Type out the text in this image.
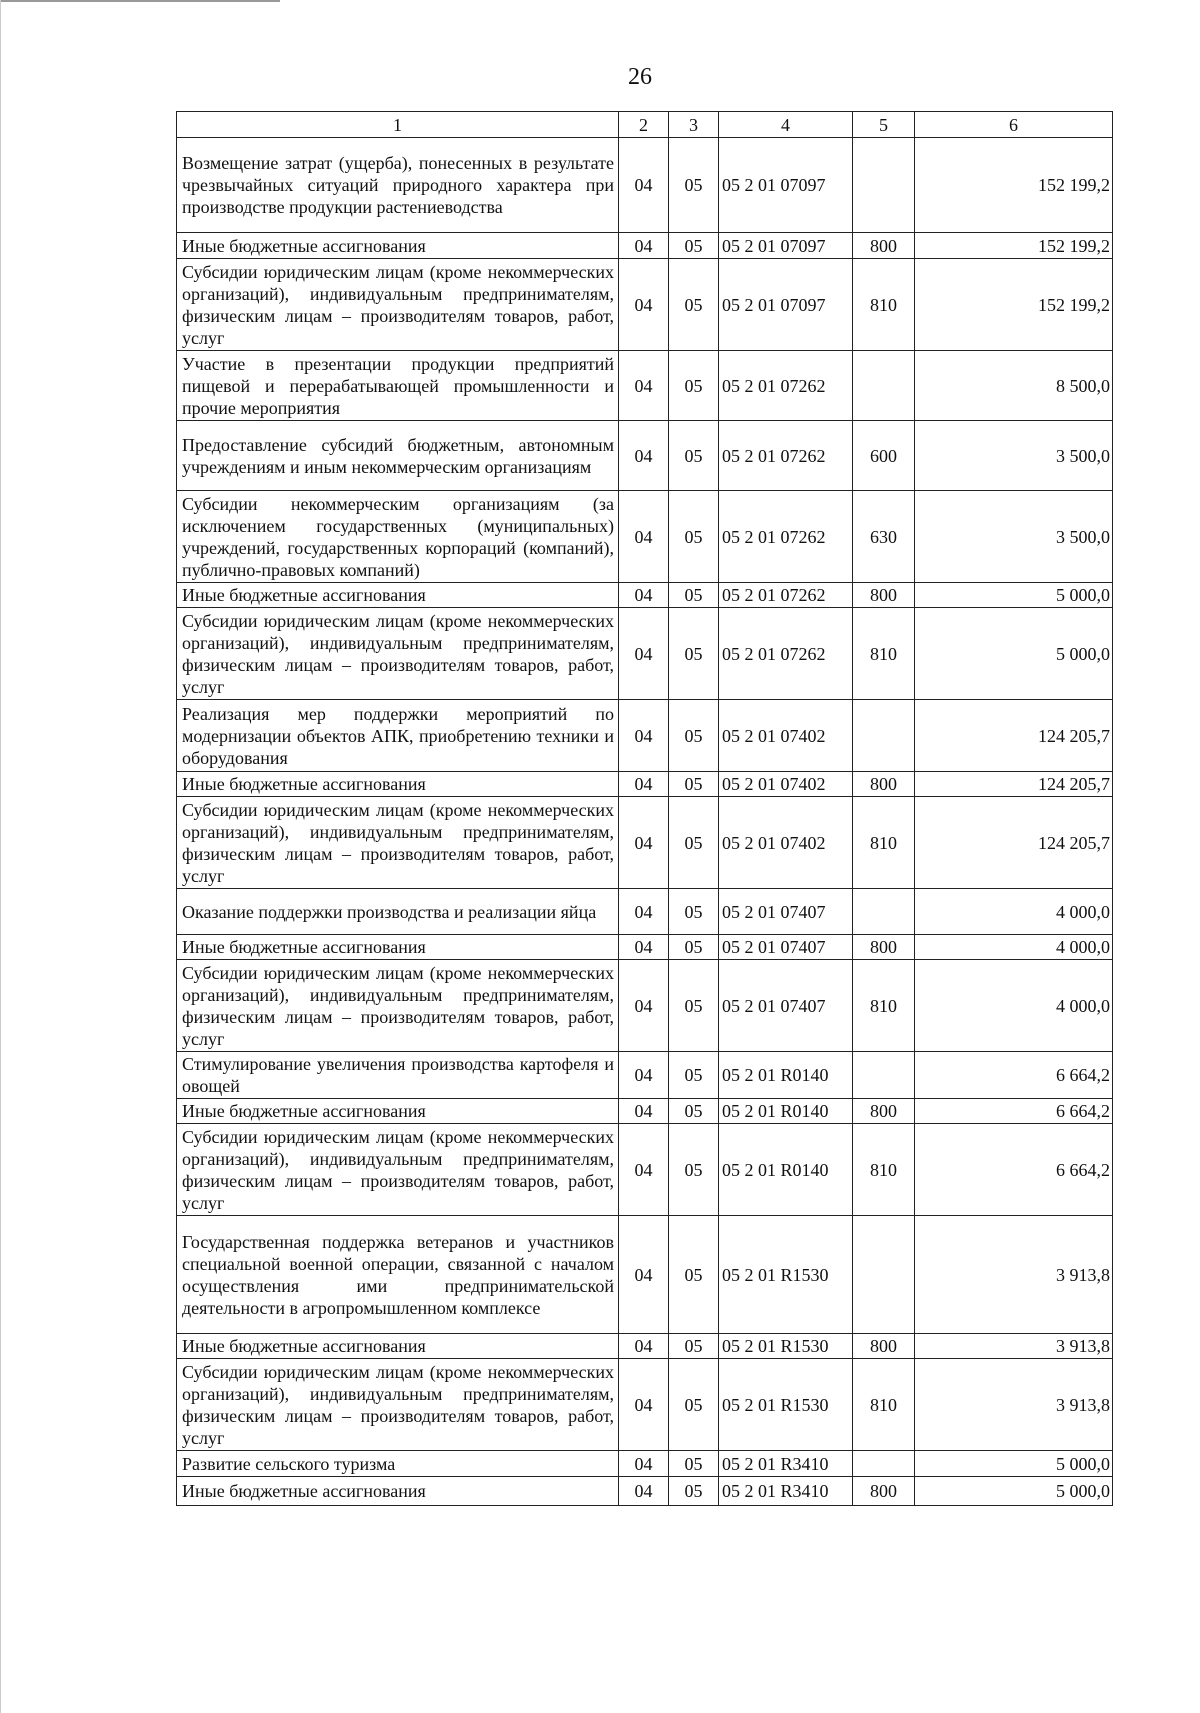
26
1	2	3	4	5	6
Возмещение затрат (ущерба), понесенных в результате чрезвычайных ситуаций природного характера при производстве продукции растениеводства	04	05	05 2 01 07097		152 199,2
Иные бюджетные ассигнования	04	05	05 2 01 07097	800	152 199,2
Субсидии юридическим лицам (кроме некоммерческих организаций), индивидуальным предпринимателям, физическим лицам – производителям товаров, работ, услуг	04	05	05 2 01 07097	810	152 199,2
Участие в презентации продукции предприятий пищевой и перерабатывающей промышленности и прочие мероприятия	04	05	05 2 01 07262		8 500,0
Предоставление субсидий бюджетным, автономным учреждениям и иным некоммерческим организациям	04	05	05 2 01 07262	600	3 500,0
Субсидии некоммерческим организациям (за исключением государственных (муниципальных) учреждений, государственных корпораций (компаний), публично-правовых компаний)	04	05	05 2 01 07262	630	3 500,0
Иные бюджетные ассигнования	04	05	05 2 01 07262	800	5 000,0
Субсидии юридическим лицам (кроме некоммерческих организаций), индивидуальным предпринимателям, физическим лицам – производителям товаров, работ, услуг	04	05	05 2 01 07262	810	5 000,0
Реализация мер поддержки мероприятий по модернизации объектов АПК, приобретению техники и оборудования	04	05	05 2 01 07402		124 205,7
Иные бюджетные ассигнования	04	05	05 2 01 07402	800	124 205,7
Субсидии юридическим лицам (кроме некоммерческих организаций), индивидуальным предпринимателям, физическим лицам – производителям товаров, работ, услуг	04	05	05 2 01 07402	810	124 205,7
Оказание поддержки производства и реализации яйца	04	05	05 2 01 07407		4 000,0
Иные бюджетные ассигнования	04	05	05 2 01 07407	800	4 000,0
Субсидии юридическим лицам (кроме некоммерческих организаций), индивидуальным предпринимателям, физическим лицам – производителям товаров, работ, услуг	04	05	05 2 01 07407	810	4 000,0
Стимулирование увеличения производства картофеля и овощей	04	05	05 2 01 R0140		6 664,2
Иные бюджетные ассигнования	04	05	05 2 01 R0140	800	6 664,2
Субсидии юридическим лицам (кроме некоммерческих организаций), индивидуальным предпринимателям, физическим лицам – производителям товаров, работ, услуг	04	05	05 2 01 R0140	810	6 664,2
Государственная поддержка ветеранов и участников специальной военной операции, связанной с началом осуществления ими предпринимательской деятельности в агропромышленном комплексе	04	05	05 2 01 R1530		3 913,8
Иные бюджетные ассигнования	04	05	05 2 01 R1530	800	3 913,8
Субсидии юридическим лицам (кроме некоммерческих организаций), индивидуальным предпринимателям, физическим лицам – производителям товаров, работ, услуг	04	05	05 2 01 R1530	810	3 913,8
Развитие сельского туризма	04	05	05 2 01 R3410		5 000,0
Иные бюджетные ассигнования	04	05	05 2 01 R3410	800	5 000,0
